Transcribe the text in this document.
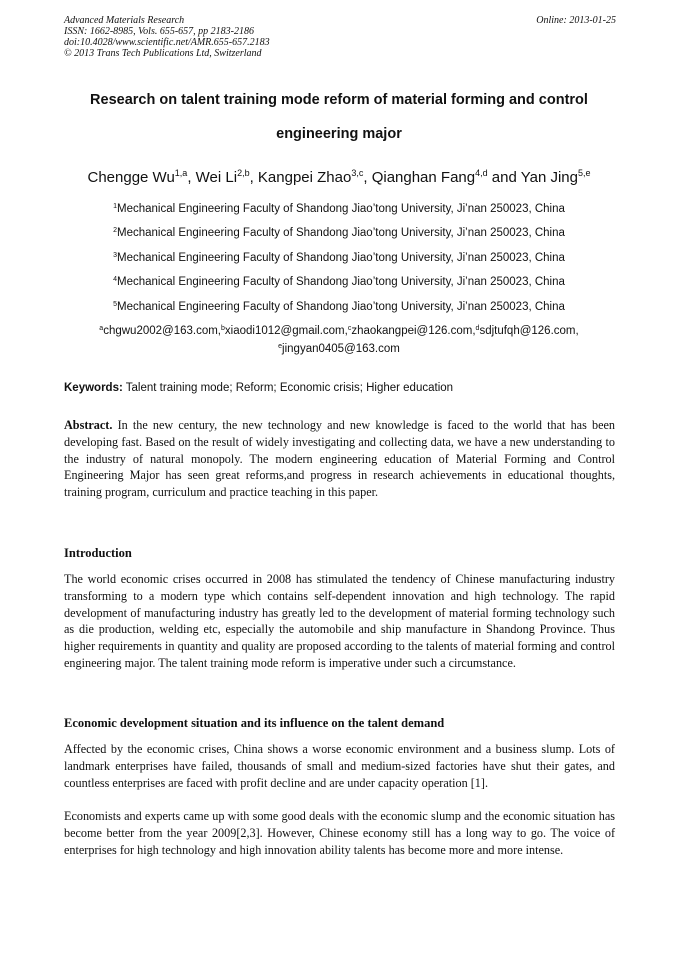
Advanced Materials Research
ISSN: 1662-8985, Vols. 655-657, pp 2183-2186
doi:10.4028/www.scientific.net/AMR.655-657.2183
© 2013 Trans Tech Publications Ltd, Switzerland
Online: 2013-01-25
Research on talent training mode reform of material forming and control
engineering major
Chengge Wu$^{1,a}$, Wei Li$^{2,b}$, Kangpei Zhao$^{3,c}$, Qianghan Fang$^{4,d}$ and Yan Jing$^{5,e}$
$^1$Mechanical Engineering Faculty of Shandong Jiao’tong University, Ji’nan 250023, China
$^2$Mechanical Engineering Faculty of Shandong Jiao’tong University, Ji’nan 250023, China
$^3$Mechanical Engineering Faculty of Shandong Jiao’tong University, Ji’nan 250023, China
$^4$Mechanical Engineering Faculty of Shandong Jiao’tong University, Ji’nan 250023, China
$^5$Mechanical Engineering Faculty of Shandong Jiao’tong University, Ji’nan 250023, China
$^a$chgwu2002@163.com,$^b$xiaodi1012@gmail.com,$^c$zhaokangpei@126.com,$^d$sdjtufqh@126.com,
$^e$jingyan0405@163.com
Keywords: Talent training mode; Reform; Economic crisis; Higher education
Abstract. In the new century, the new technology and new knowledge is faced to the world that has been developing fast. Based on the result of widely investigating and collecting data, we have a new understanding to the industry of natural monopoly. The modern engineering education of Material Forming and Control Engineering Major has seen great reforms,and progress in research achievements in educational thoughts, training program, curriculum and practice teaching in this paper.
Introduction
The world economic crises occurred in 2008 has stimulated the tendency of Chinese manufacturing industry transforming to a modern type which contains self-dependent innovation and high technology. The rapid development of manufacturing industry has greatly led to the development of material forming technology such as die production, welding etc, especially the automobile and ship manufacture in Shandong Province. Thus higher requirements in quantity and quality are proposed according to the talents of material forming and control engineering major. The talent training mode reform is imperative under such a circumstance.
Economic development situation and its influence on the talent demand
Affected by the economic crises, China shows a worse economic environment and a business slump. Lots of landmark enterprises have failed, thousands of small and medium-sized factories have shut their gates, and countless enterprises are faced with profit decline and are under capacity operation [1].
Economists and experts came up with some good deals with the economic slump and the economic situation has become better from the year 2009[2,3]. However, Chinese economy still has a long way to go. The voice of enterprises for high technology and high innovation ability talents has become more and more intense.
